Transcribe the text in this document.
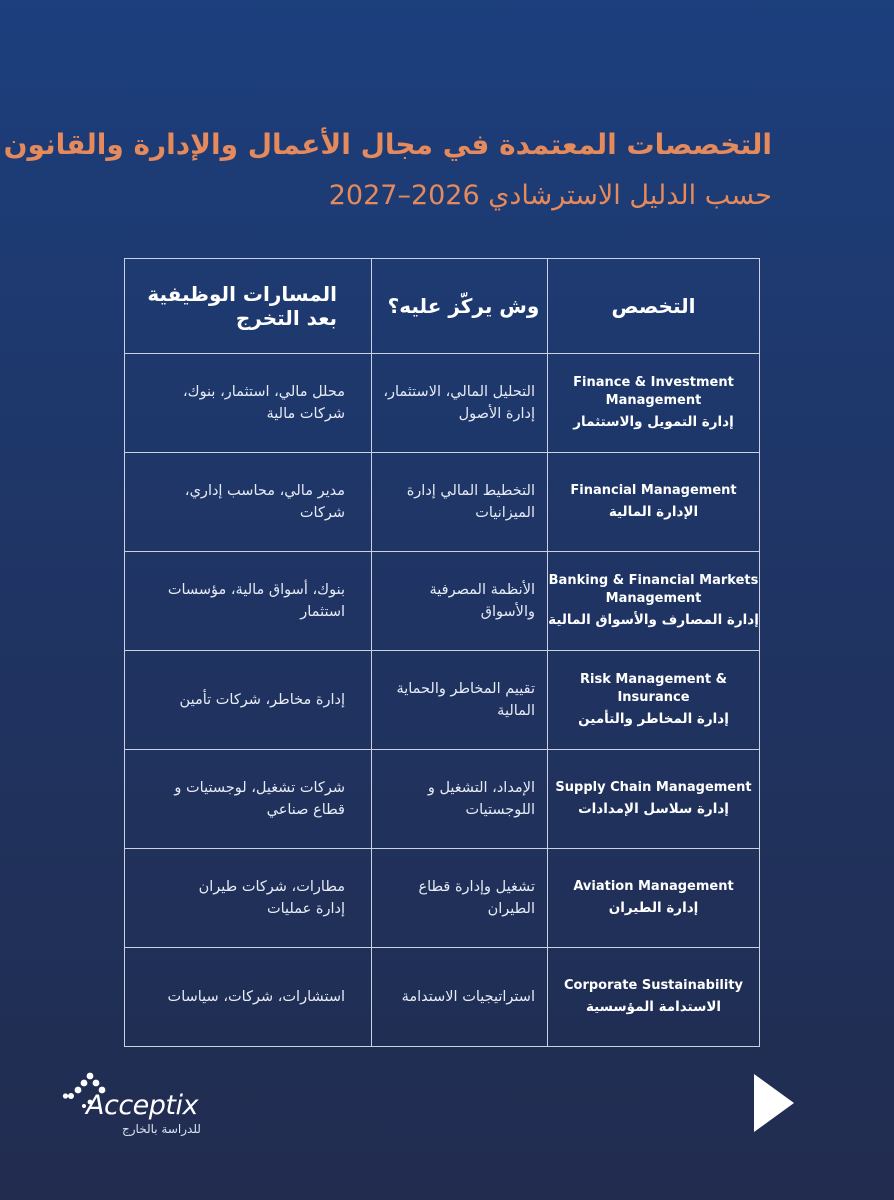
التخصصات المعتمدة في مجال الأعمال والإدارة والقانون
حسب الدليل الاسترشادي 2026–2027
المسارات الوظيفية بعد التخرج	وش يركّز عليه؟	التخصص

محلل مالي، استثمار، بنوك، شركات مالية	التحليل المالي، الاستثمار، إدارة الأصول	Finance & Investment Management
إدارة التمويل والاستثمار

مدير مالي، محاسب إداري، شركات	التخطيط المالي إدارة الميزانيات	Financial Management
الإدارة المالية

بنوك، أسواق مالية، مؤسسات استثمار	الأنظمة المصرفية والأسواق	Banking & Financial Markets Management
إدارة المصارف والأسواق المالية

إدارة مخاطر، شركات تأمين	تقييم المخاطر والحماية المالية	Risk Management & Insurance
إدارة المخاطر والتأمين

شركات تشغيل، لوجستيات و قطاع صناعي	الإمداد، التشغيل و اللوجستيات	Supply Chain Management
إدارة سلاسل الإمدادات

مطارات، شركات طيران إدارة عمليات	تشغيل وإدارة قطاع الطيران	Aviation Management
إدارة الطيران

استشارات، شركات، سياسات	استراتيجيات الاستدامة	Corporate Sustainability
الاستدامة المؤسسية
Acceptix
للدراسة بالخارج
